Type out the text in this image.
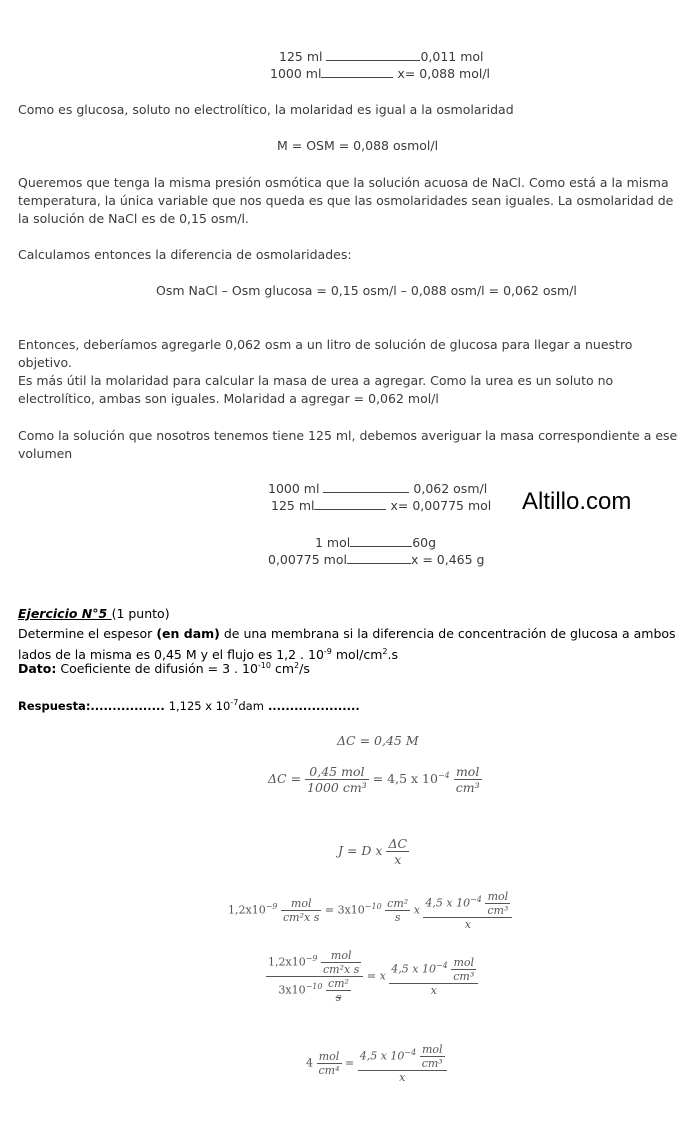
125 ml	0,011 mol
1000 ml	x= 0,088 mol/l
Como es glucosa, soluto no electrolítico, la molaridad es igual a la osmolaridad
M = OSM = 0,088 osmol/l
Queremos que tenga la misma presión osmótica que la solución acuosa de NaCl. Como está a la misma temperatura, la única variable que nos queda es que las osmolaridades sean iguales. La osmolaridad de la solución de NaCl es de 0,15 osm/l.
Calculamos entonces la diferencia de osmolaridades:
Osm NaCl – Osm glucosa = 0,15 osm/l – 0,088 osm/l = 0,062 osm/l
Entonces, deberíamos agregarle 0,062 osm a un litro de solución de glucosa para llegar a nuestro objetivo.
Es más útil la molaridad para calcular la masa de urea a agregar. Como la urea es un soluto no electrolítico, ambas son iguales. Molaridad a agregar = 0,062 mol/l
Como la solución que nosotros tenemos tiene 125 ml, debemos averiguar la masa correspondiente a ese volumen
1000 ml	0,062 osm/l
125 ml	x= 0,00775 mol Altillo.com
1 mol	60g
0,00775 mol	x = 0,465 g
Ejercicio N°5 (1 punto)
Determine el espesor (en dam) de una membrana si la diferencia de concentración de glucosa a ambos lados de la misma es 0,45 M y el flujo es 1,2 . $10^{-9}$ mol/$cm^2.s$
Dato: Coeficiente de difusión = 3 . $10^{-10}$ $cm^2/s$
Respuesta:................. 1,125 x $10^{-7}dam$ .....................
ΔC = 0,45 M
$\Delta C = \frac{\text{0,45 mol}}{\text{1000 cm³}} = 4,5$ x $10^{-4} \frac{\text{mol}}{\text{cm³}}$
J = D x $\frac{\Delta C}{x}$
$1,2x10^{-9} \frac{\text{mol}}{\text{cm²x s}} = 3x10^{-10} \frac{\text{cm²}}{s}$ x $\frac{4,5 x 10^{-4} \frac{\text{mol}}{\text{cm³}}}{x}$
$\frac{1,2x10^{-9} \frac{\text{mol}}{\text{cm²x s}}}{3x10^{-10} \frac{\text{cm²}}{s}} = x \frac{4,5 x 10^{-4} \frac{\text{mol}}{\text{cm³}}}{x}$
$4 \frac{\text{mol}}{\text{cm⁴}} = \frac{4,5 x 10^{-4} \frac{\text{mol}}{\text{cm³}}}{x}$
